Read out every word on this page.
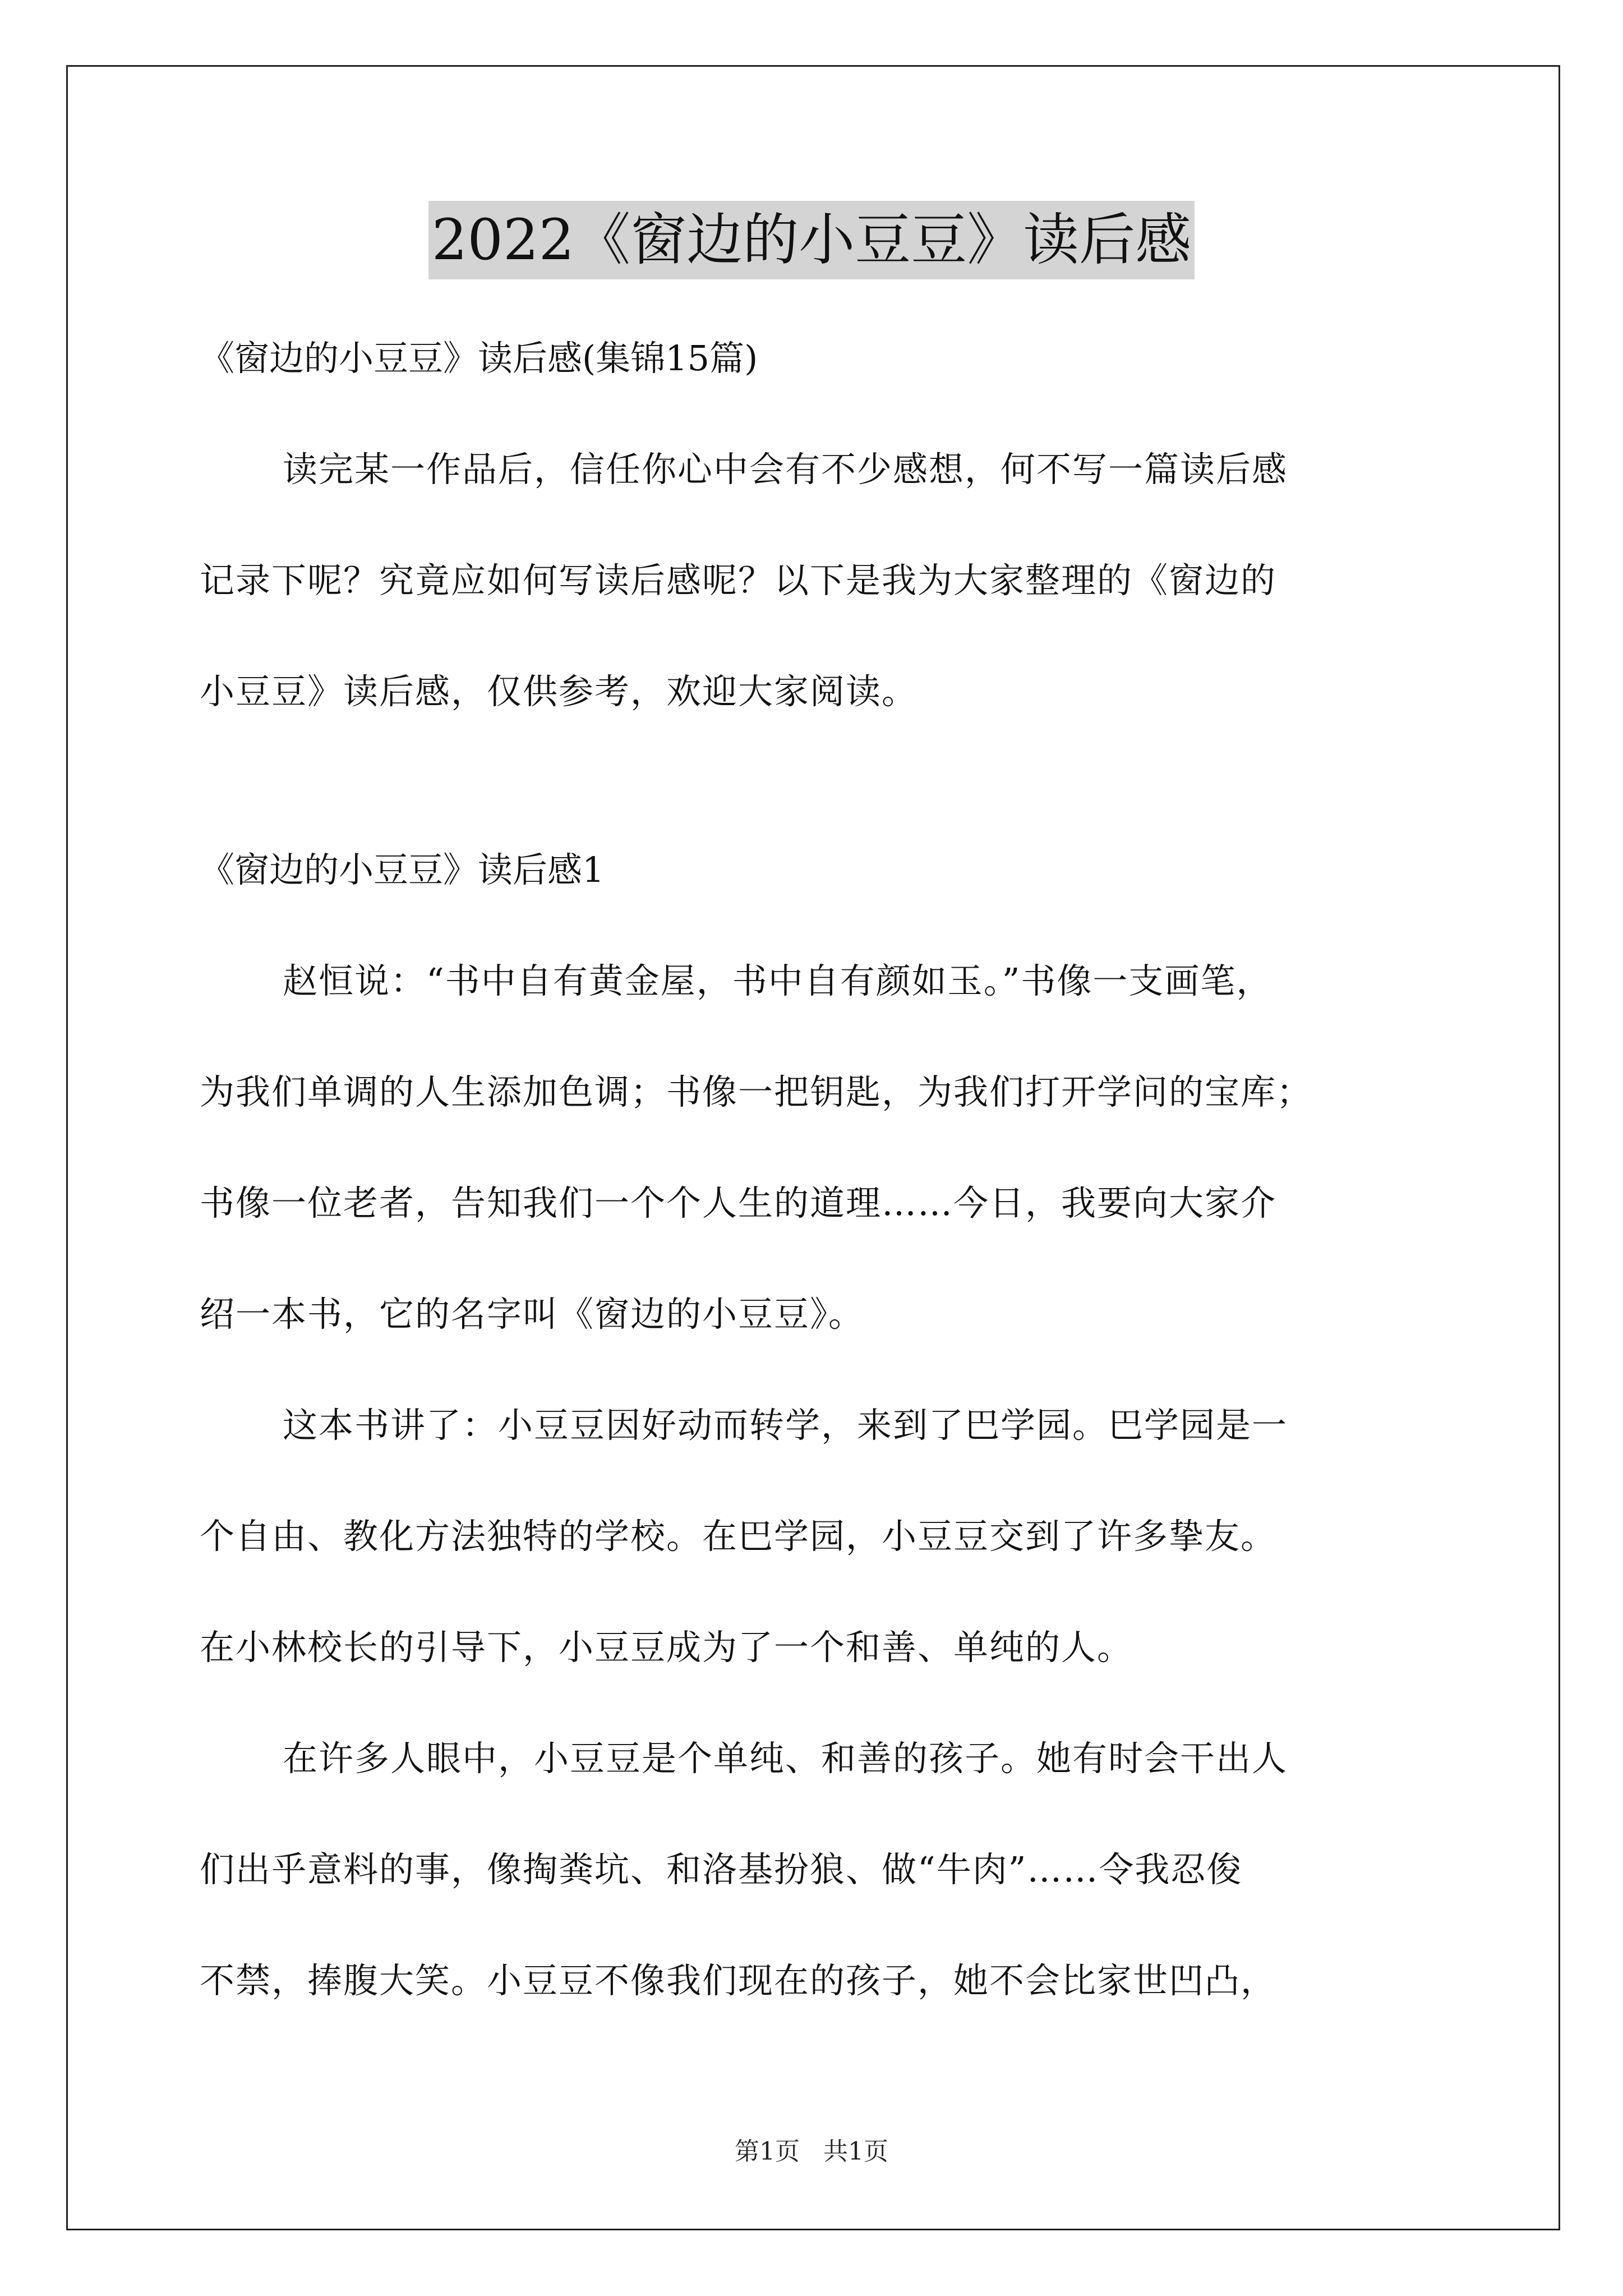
2022《窗边的小豆豆》读后感

《窗边的小豆豆》读后感(集锦15篇)

读完某一作品后，信任你心中会有不少感想，何不写一篇读后感

记录下呢？究竟应如何写读后感呢？以下是我为大家整理的《窗边的

小豆豆》读后感，仅供参考，欢迎大家阅读。

《窗边的小豆豆》读后感1

赵恒说：“书中自有黄金屋，书中自有颜如玉。”书像一支画笔，

为我们单调的人生添加色调；书像一把钥匙，为我们打开学问的宝库；

书像一位老者，告知我们一个个人生的道理……今日，我要向大家介

绍一本书，它的名字叫《窗边的小豆豆》。

这本书讲了：小豆豆因好动而转学，来到了巴学园。巴学园是一

个自由、教化方法独特的学校。在巴学园，小豆豆交到了许多挚友。

在小林校长的引导下，小豆豆成为了一个和善、单纯的人。

在许多人眼中，小豆豆是个单纯、和善的孩子。她有时会干出人

们出乎意料的事，像掏粪坑、和洛基扮狼、做“牛肉”……令我忍俊

不禁，捧腹大笑。小豆豆不像我们现在的孩子，她不会比家世凹凸，

第1页 共1页
